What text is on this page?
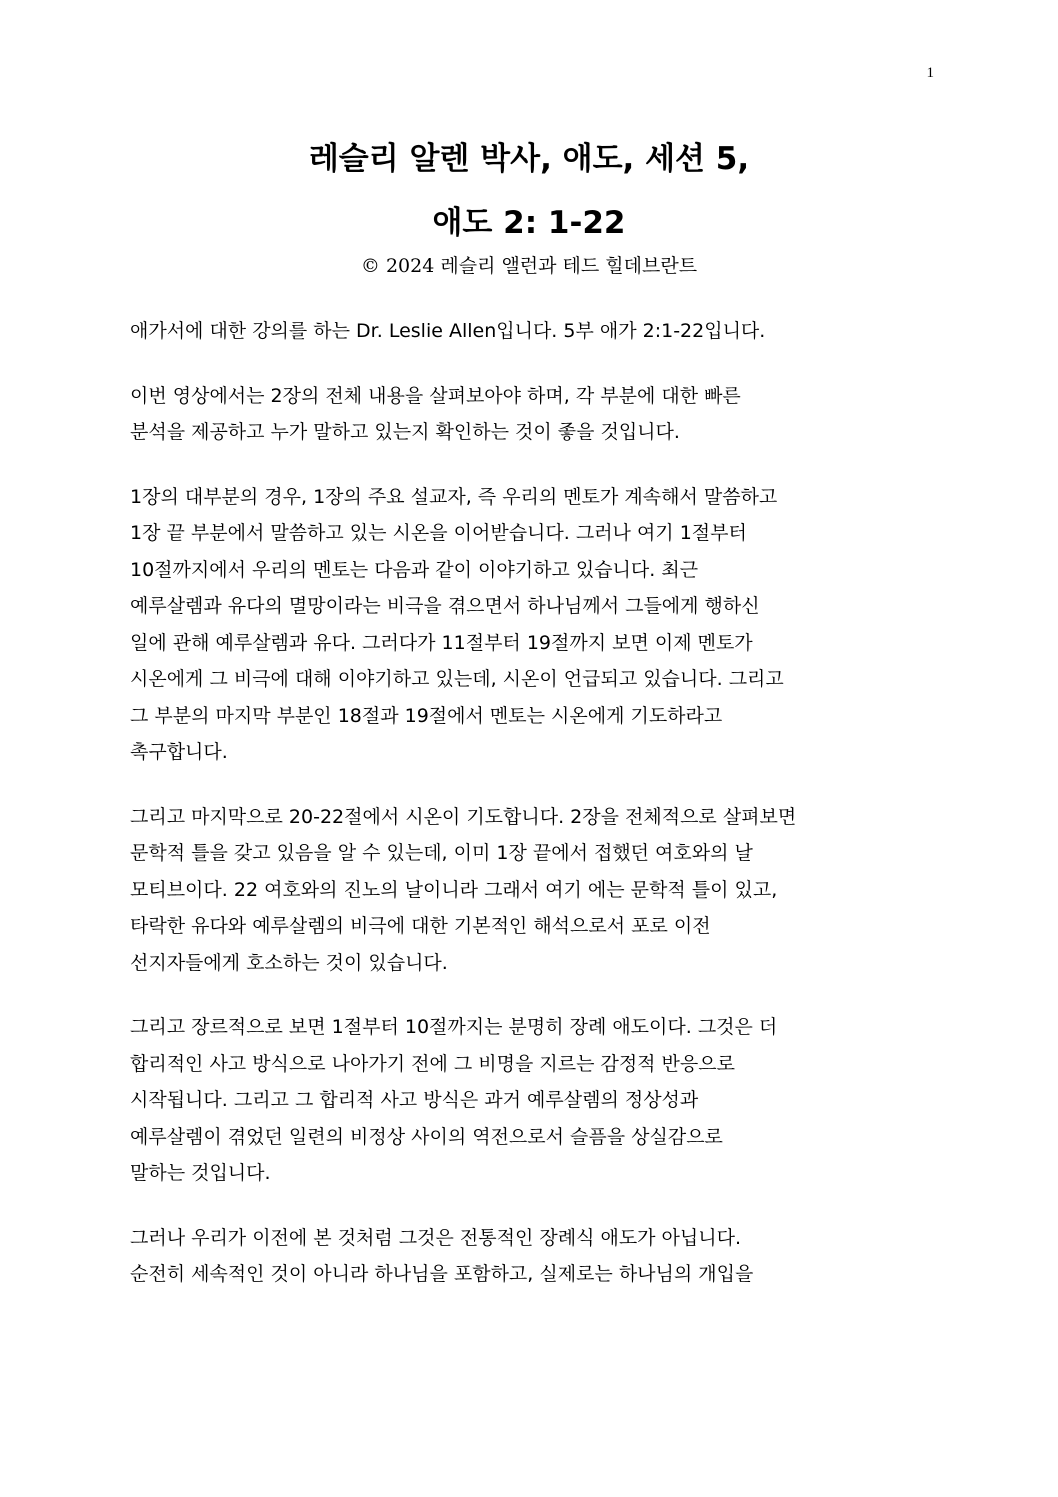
1
레슬리 알렌 박사, 애도, 세션 5,
애도 2: 1-22
© 2024 레슬리 앨런과 테드 힐데브란트

애가서에 대한 강의를 하는 Dr. Leslie Allen입니다. 5부 애가 2:1-22입니다.

이번 영상에서는 2장의 전체 내용을 살펴보아야 하며, 각 부분에 대한 빠른
분석을 제공하고 누가 말하고 있는지 확인하는 것이 좋을 것입니다.

1장의 대부분의 경우, 1장의 주요 설교자, 즉 우리의 멘토가 계속해서 말씀하고
1장 끝 부분에서 말씀하고 있는 시온을 이어받습니다. 그러나 여기 1절부터
10절까지에서 우리의 멘토는 다음과 같이 이야기하고 있습니다. 최근
예루살렘과 유다의 멸망이라는 비극을 겪으면서 하나님께서 그들에게 행하신
일에 관해 예루살렘과 유다. 그러다가 11절부터 19절까지 보면 이제 멘토가
시온에게 그 비극에 대해 이야기하고 있는데, 시온이 언급되고 있습니다. 그리고
그 부분의 마지막 부분인 18절과 19절에서 멘토는 시온에게 기도하라고
촉구합니다.

그리고 마지막으로 20-22절에서 시온이 기도합니다. 2장을 전체적으로 살펴보면
문학적 틀을 갖고 있음을 알 수 있는데, 이미 1장 끝에서 접했던 여호와의 날
모티브이다. 22 여호와의 진노의 날이니라 그래서 여기 에는 문학적 틀이 있고,
타락한 유다와 예루살렘의 비극에 대한 기본적인 해석으로서 포로 이전
선지자들에게 호소하는 것이 있습니다.

그리고 장르적으로 보면 1절부터 10절까지는 분명히 장례 애도이다. 그것은 더
합리적인 사고 방식으로 나아가기 전에 그 비명을 지르는 감정적 반응으로
시작됩니다. 그리고 그 합리적 사고 방식은 과거 예루살렘의 정상성과
예루살렘이 겪었던 일련의 비정상 사이의 역전으로서 슬픔을 상실감으로
말하는 것입니다.

그러나 우리가 이전에 본 것처럼 그것은 전통적인 장례식 애도가 아닙니다.
순전히 세속적인 것이 아니라 하나님을 포함하고, 실제로는 하나님의 개입을
